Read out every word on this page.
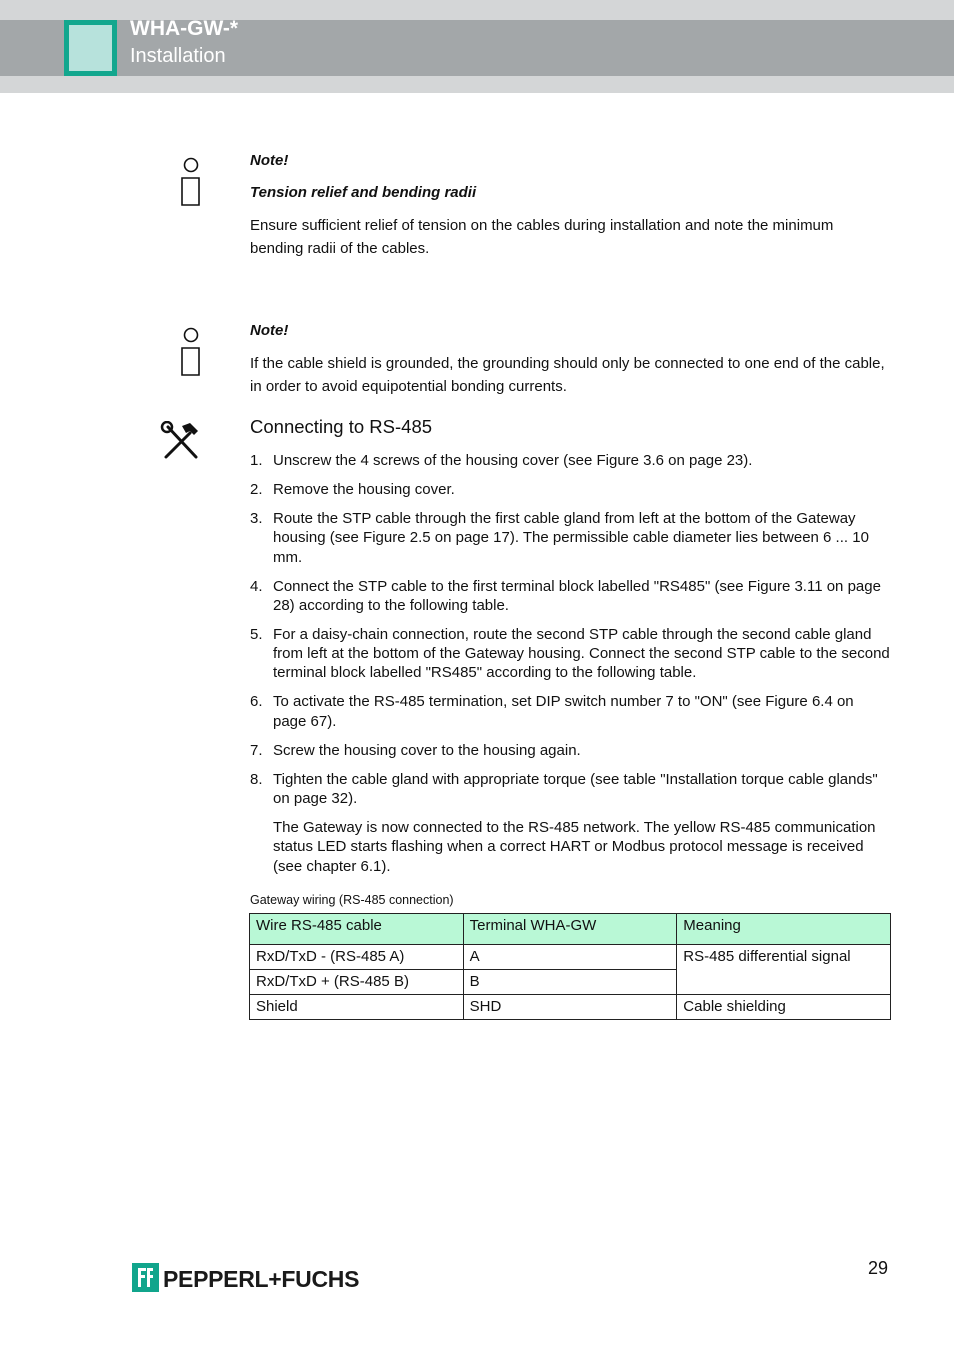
WHA-GW-*
Installation
Note!
Tension relief and bending radii
Ensure sufficient relief of tension on the cables during installation and note the minimum bending radii of the cables.
Note!
If the cable shield is grounded, the grounding should only be connected to one end of the cable, in order to avoid equipotential bonding currents.
Connecting to RS-485
1. Unscrew the 4 screws of the housing cover (see Figure 3.6 on page 23).
2. Remove the housing cover.
3. Route the STP cable through the first cable gland from left at the bottom of the Gateway housing (see Figure 2.5 on page 17). The permissible cable diameter lies between 6 ... 10 mm.
4. Connect the STP cable to the first terminal block labelled "RS485" (see Figure 3.11 on page 28) according to the following table.
5. For a daisy-chain connection, route the second STP cable through the second cable gland from left at the bottom of the Gateway housing. Connect the second STP cable to the second terminal block labelled "RS485" according to the following table.
6. To activate the RS-485 termination, set DIP switch number 7 to "ON" (see Figure 6.4 on page 67).
7. Screw the housing cover to the housing again.
8. Tighten the cable gland with appropriate torque (see table "Installation torque cable glands" on page 32).
The Gateway is now connected to the RS-485 network. The yellow RS-485 communication status LED starts flashing when a correct HART or Modbus protocol message is received (see chapter 6.1).
Gateway wiring (RS-485 connection)
Wire RS-485 cable	Terminal WHA-GW	Meaning
RxD/TxD - (RS-485 A)	A	RS-485 differential signal
RxD/TxD + (RS-485 B)	B	
Shield	SHD	Cable shielding
29
PEPPERL+FUCHS
